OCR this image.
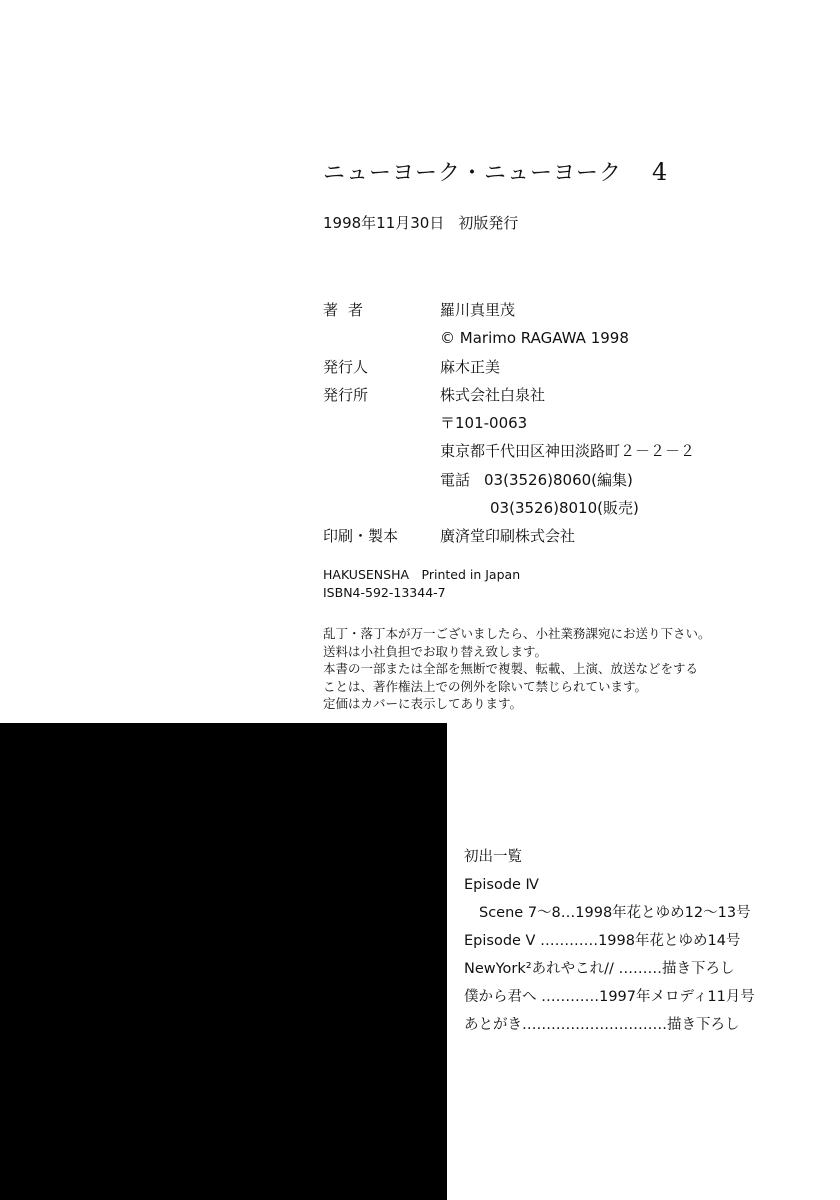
ニューヨーク・ニューヨーク 4
1998年11月30日 初版発行
著者	羅川真里茂
© Marimo RAGAWA 1998
発行人	麻木正美
発行所	株式会社白泉社
〒101-0063
東京都千代田区神田淡路町２－２－２
電話 03(3526)8060(編集)
03(3526)8010(販売)
印刷・製本	廣済堂印刷株式会社
HAKUSENSHA　Printed in Japan
ISBN4-592-13344-7
乱丁・落丁本が万一ございましたら、小社業務課宛にお送り下さい。
送料は小社負担でお取り替え致します。
本書の一部または全部を無断で複製、転載、上演、放送などをする
ことは、著作権法上での例外を除いて禁じられています。
定価はカバーに表示してあります。
初出一覧
Episode Ⅳ
Scene 7～8…1998年花とゆめ12～13号
Episode Ⅴ …………1998年花とゆめ14号
NewYork²あれやこれ// ………描き下ろし
僕から君へ …………1997年メロディ11月号
あとがき…………………………描き下ろし
